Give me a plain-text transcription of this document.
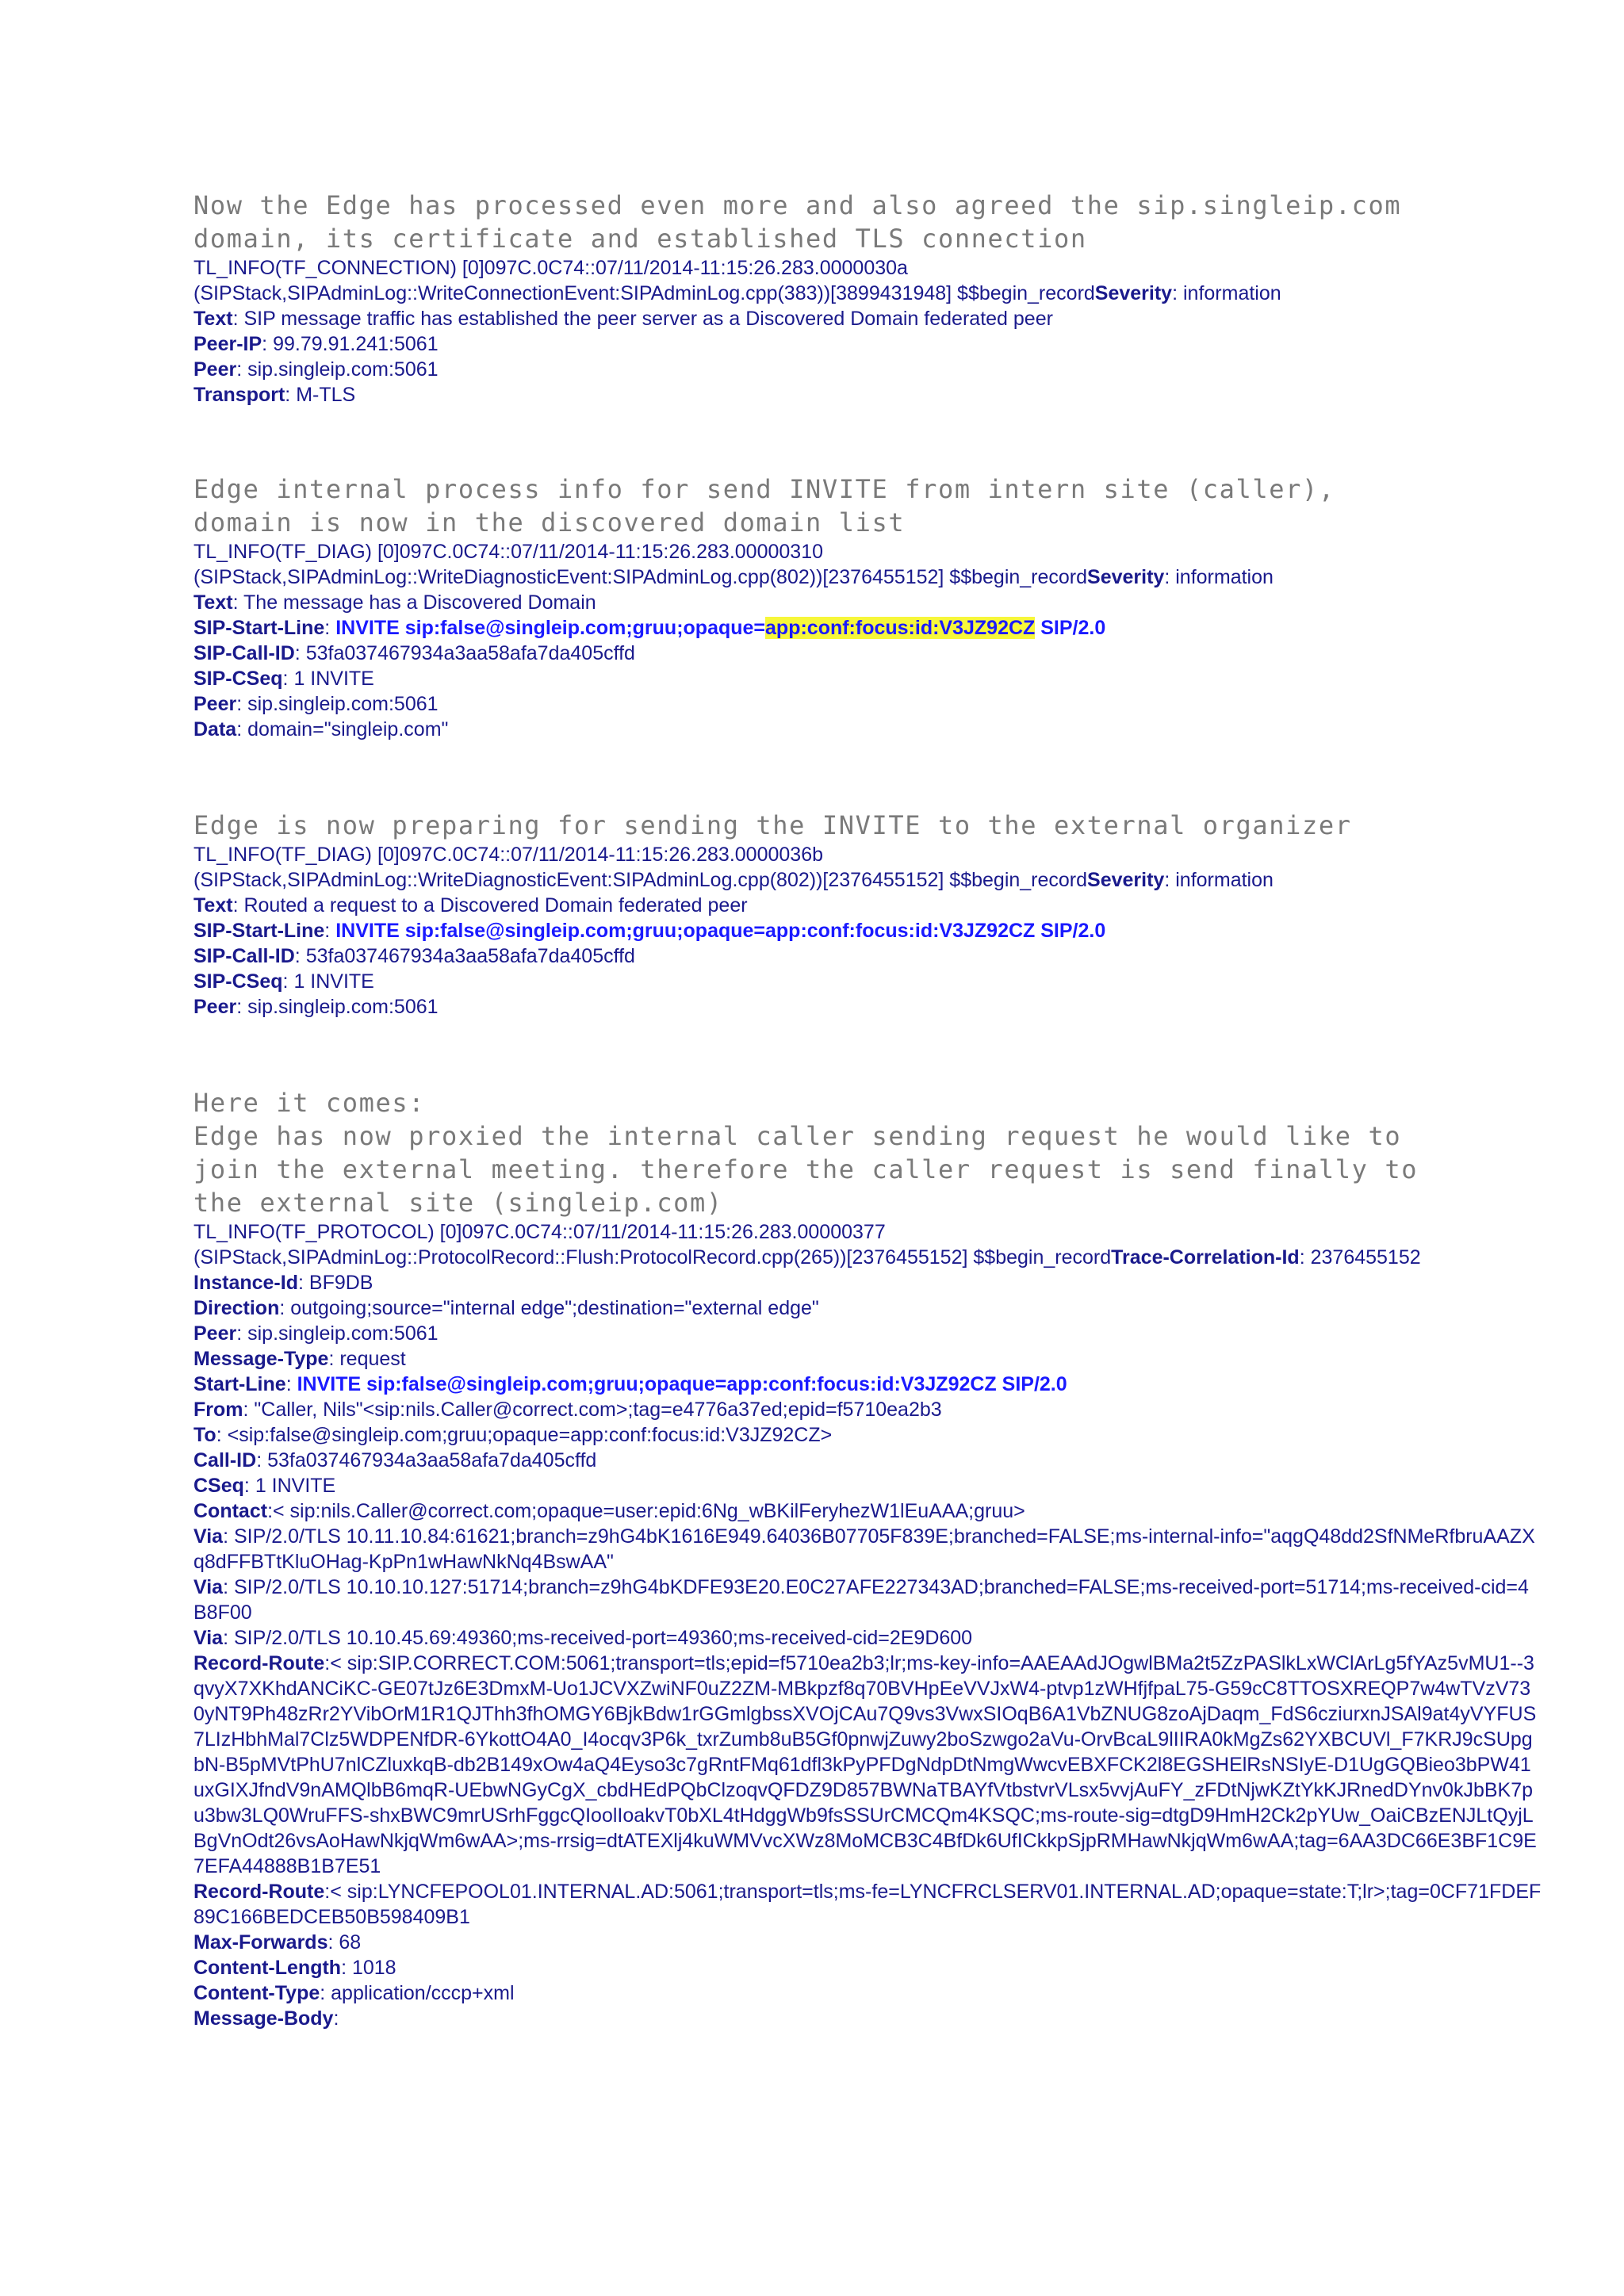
Now the Edge has processed even more and also agreed the sip.singleip.com
domain, its certificate and established TLS connection

TL_INFO(TF_CONNECTION) [0]097C.0C74::07/11/2014-11:15:26.283.0000030a
(SIPStack,SIPAdminLog::WriteConnectionEvent:SIPAdminLog.cpp(383))[3899431948] $$begin_recordSeverity: information
Text: SIP message traffic has established the peer server as a Discovered Domain federated peer
Peer-IP: 99.79.91.241:5061
Peer: sip.singleip.com:5061
Transport: M-TLS

Edge internal process info for send INVITE from intern site (caller),
domain is now in the discovered domain list

TL_INFO(TF_DIAG) [0]097C.0C74::07/11/2014-11:15:26.283.00000310
(SIPStack,SIPAdminLog::WriteDiagnosticEvent:SIPAdminLog.cpp(802))[2376455152] $$begin_recordSeverity: information
Text: The message has a Discovered Domain
SIP-Start-Line: INVITE sip:false@singleip.com;gruu;opaque=app:conf:focus:id:V3JZ92CZ SIP/2.0
SIP-Call-ID: 53fa037467934a3aa58afa7da405cffd
SIP-CSeq: 1 INVITE
Peer: sip.singleip.com:5061
Data: domain="singleip.com"

Edge is now preparing for sending the INVITE to the external organizer

TL_INFO(TF_DIAG) [0]097C.0C74::07/11/2014-11:15:26.283.0000036b
(SIPStack,SIPAdminLog::WriteDiagnosticEvent:SIPAdminLog.cpp(802))[2376455152] $$begin_recordSeverity: information
Text: Routed a request to a Discovered Domain federated peer
SIP-Start-Line: INVITE sip:false@singleip.com;gruu;opaque=app:conf:focus:id:V3JZ92CZ SIP/2.0
SIP-Call-ID: 53fa037467934a3aa58afa7da405cffd
SIP-CSeq: 1 INVITE
Peer: sip.singleip.com:5061

Here it comes:
Edge has now proxied the internal caller sending request he would like to
join the external meeting. therefore the caller request is send finally to
the external site (singleip.com)

TL_INFO(TF_PROTOCOL) [0]097C.0C74::07/11/2014-11:15:26.283.00000377
(SIPStack,SIPAdminLog::ProtocolRecord::Flush:ProtocolRecord.cpp(265))[2376455152] $$begin_recordTrace-Correlation-Id: 2376455152
Instance-Id: BF9DB
Direction: outgoing;source="internal edge";destination="external edge"
Peer: sip.singleip.com:5061
Message-Type: request
Start-Line: INVITE sip:false@singleip.com;gruu;opaque=app:conf:focus:id:V3JZ92CZ SIP/2.0
From: "Caller, Nils"<sip:nils.Caller@correct.com>;tag=e4776a37ed;epid=f5710ea2b3
To: <sip:false@singleip.com;gruu;opaque=app:conf:focus:id:V3JZ92CZ>
Call-ID: 53fa037467934a3aa58afa7da405cffd
CSeq: 1 INVITE
Contact:< sip:nils.Caller@correct.com;opaque=user:epid:6Ng_wBKilFeryhezW1lEuAAA;gruu>
Via: SIP/2.0/TLS 10.11.10.84:61621;branch=z9hG4bK1616E949.64036B07705F839E;branched=FALSE;ms-internal-info="aqgQ48dd2SfNMeRfbruAAZXq8dFFBTtKluOHag-KpPn1wHawNkNq4BswAA"
Via: SIP/2.0/TLS 10.10.10.127:51714;branch=z9hG4bKDFE93E20.E0C27AFE227343AD;branched=FALSE;ms-received-port=51714;ms-received-cid=4B8F00
Via: SIP/2.0/TLS 10.10.45.69:49360;ms-received-port=49360;ms-received-cid=2E9D600
Record-Route:< sip:SIP.CORRECT.COM:5061;transport=tls;epid=f5710ea2b3;lr;ms-key-info=AAEAAdJOgwlBMa2t5ZzPASlkLxWClArLg5fYAz5vMU1--3qvyX7XKhdANCiKC-GE07tJz6E3DmxM-Uo1JCVXZwiNF0uZ2ZM-MBkpzf8q70BVHpEeVVJxW4-ptvp1zWHfjfpaL75-G59cC8TTOSXREQP7w4wTVzV730yNT9Ph48zRr2YVibOrM1R1QJThh3fhOMGY6BjkBdw1rGGmlgbssXVOjCAu7Q9vs3VwxSIOqB6A1VbZNUG8zoAjDaqm_FdS6cziurxnJSAl9at4yVYFUS7LIzHbhMal7Clz5WDPENfDR-6YkottO4A0_I4ocqv3P6k_txrZumb8uB5Gf0pnwjZuwy2boSzwgo2aVu-OrvBcaL9lIIRA0kMgZs62YXBCUVl_F7KRJ9cSUpgbN-B5pMVtPhU7nlCZluxkqB-db2B149xOw4aQ4Eyso3c7gRntFMq61dfl3kPyPFDgNdpDtNmgWwcvEBXFCK2l8EGSHElRsNSIyE-D1UgGQBieo3bPW41uxGIXJfndV9nAMQlbB6mqR-UEbwNGyCgX_cbdHEdPQbClzoqvQFDZ9D857BWNaTBAYfVtbstvrVLsx5vvjAuFY_zFDtNjwKZtYkKJRnedDYnv0kJbBK7pu3bw3LQ0WruFFS-shxBWC9mrUSrhFggcQIoolIoakvT0bXL4tHdggWb9fsSSUrCMCQm4KSQC;ms-route-sig=dtgD9HmH2Ck2pYUw_OaiCBzENJLtQyjLBgVnOdt26vsAoHawNkjqWm6wAA>;ms-rrsig=dtATEXlj4kuWMVvcXWz8MoMCB3C4BfDk6UfICkkpSjpRMHawNkjqWm6wAA;tag=6AA3DC66E3BF1C9E7EFA44888B1B7E51
Record-Route:< sip:LYNCFEPOOL01.INTERNAL.AD:5061;transport=tls;ms-fe=LYNCFRCLSERV01.INTERNAL.AD;opaque=state:T;lr>;tag=0CF71FDEF89C166BEDCEB50B598409B1
Max-Forwards: 68
Content-Length: 1018
Content-Type: application/cccp+xml
Message-Body:
